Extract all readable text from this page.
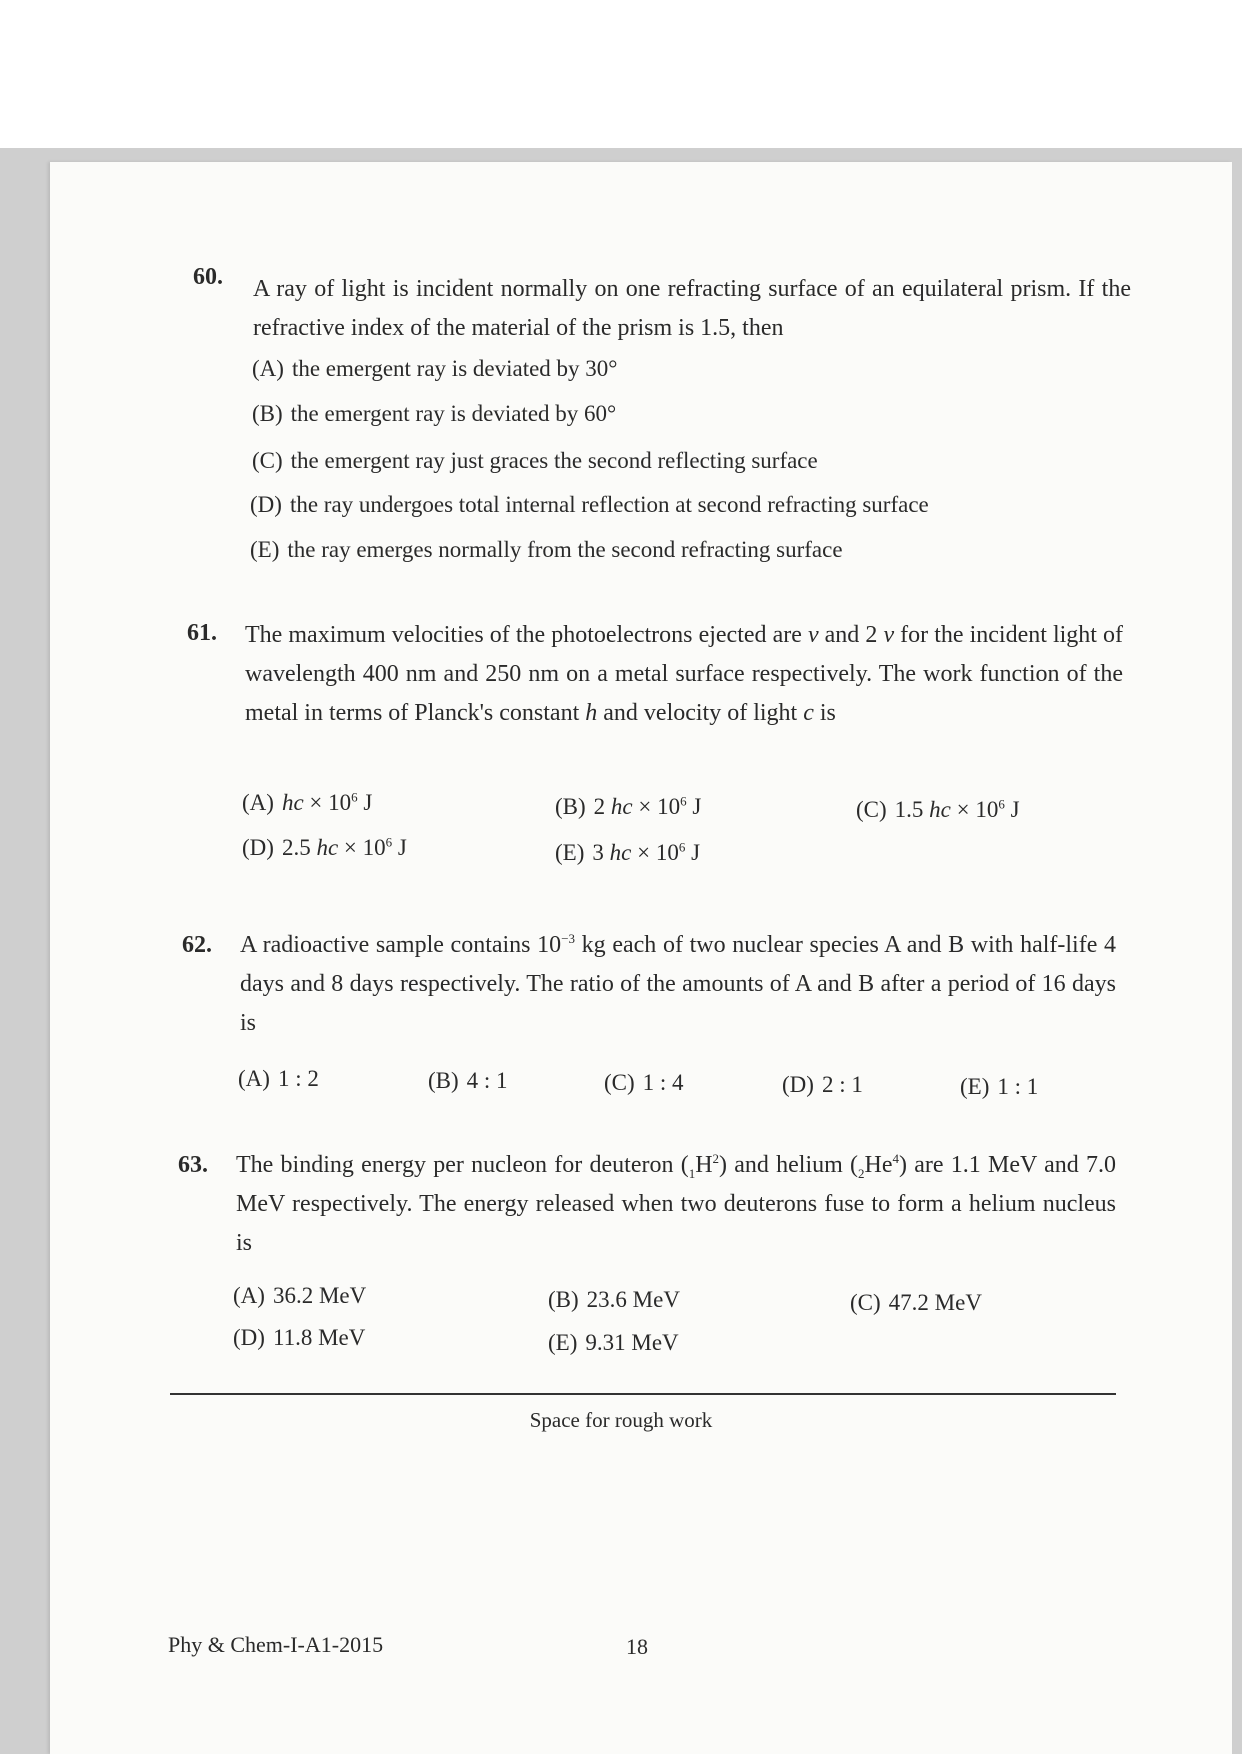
60. A ray of light is incident normally on one refracting surface of an equilateral prism. If the refractive index of the material of the prism is 1.5, then
(A) the emergent ray is deviated by 30°
(B) the emergent ray is deviated by 60°
(C) the emergent ray just graces the second reflecting surface
(D) the ray undergoes total internal reflection at second refracting surface
(E) the ray emerges normally from the second refracting surface
61. The maximum velocities of the photoelectrons ejected are v and 2 v for the incident light of wavelength 400 nm and 250 nm on a metal surface respectively. The work function of the metal in terms of Planck's constant h and velocity of light c is
(A) hc × $10^6$ J	(B) 2 hc × $10^6$ J	(C) 1.5 hc × $10^6$ J
(D) 2.5 hc × $10^6$ J	(E) 3 hc × $10^6$ J
62. A radioactive sample contains $10^{-3}$ kg each of two nuclear species A and B with half-life 4 days and 8 days respectively. The ratio of the amounts of A and B after a period of 16 days is
(A) 1 : 2	(B) 4 : 1	(C) 1 : 4	(D) 2 : 1	(E) 1 : 1
63. The binding energy per nucleon for deuteron $(_1H^2)$ and helium $(_2He^4)$ are 1.1 MeV and 7.0 MeV respectively. The energy released when two deuterons fuse to form a helium nucleus is
(A) 36.2 MeV	(B) 23.6 MeV	(C) 47.2 MeV
(D) 11.8 MeV	(E) 9.31 MeV
Space for rough work
Phy & Chem-I-A1-2015	18
